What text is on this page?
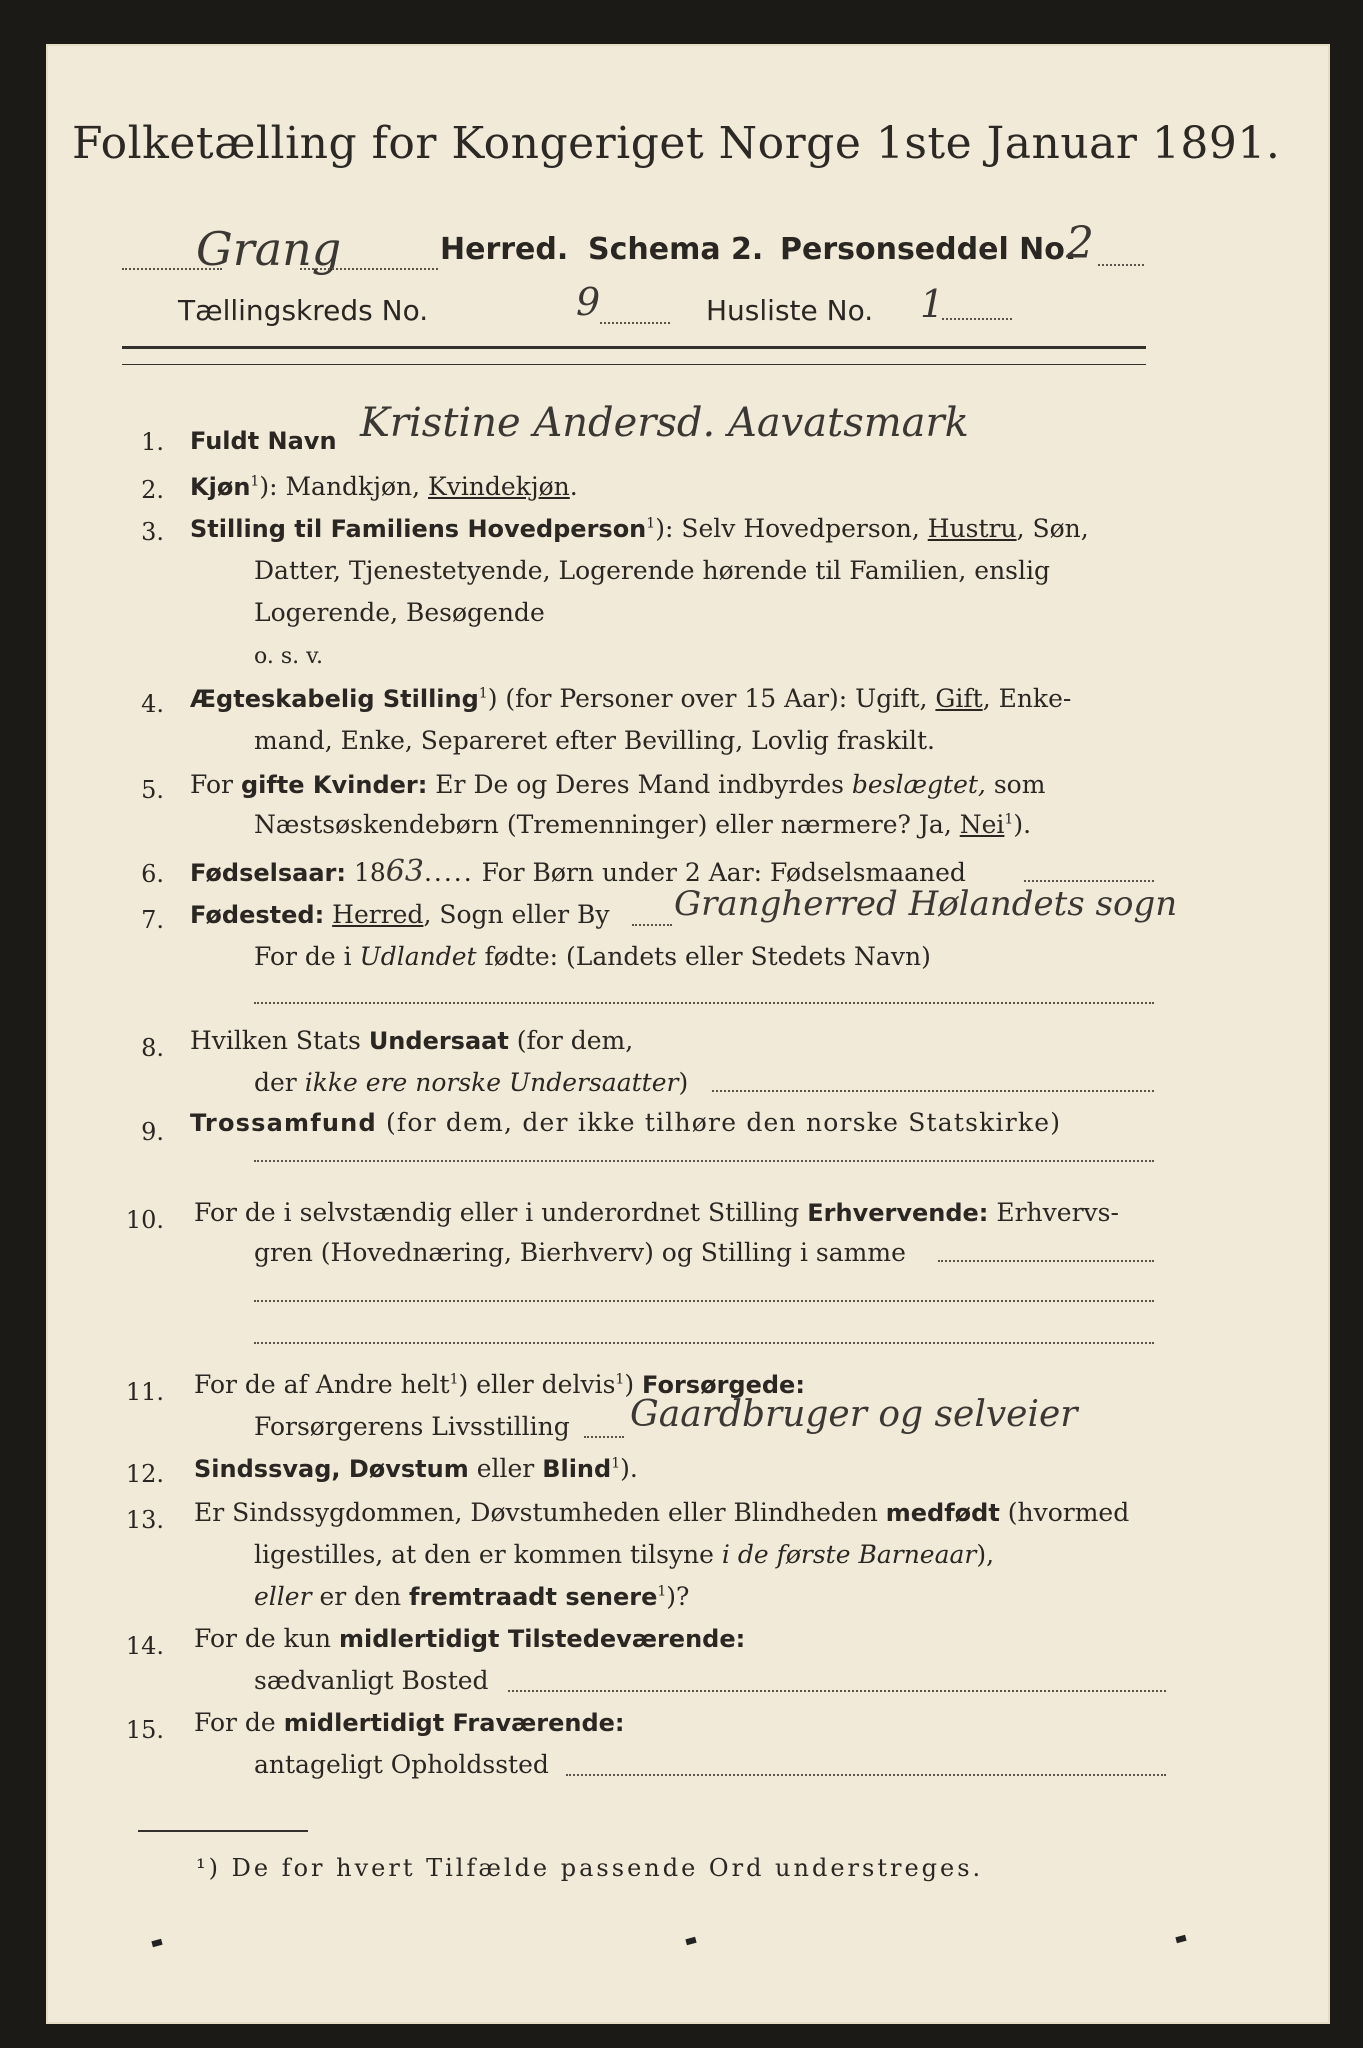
Folketælling for Kongeriget Norge 1ste Januar 1891.
Grang	Herred. Schema 2. Personseddel No.
2
Tællingskreds No.	9	Husliste No. 1
1. Fuldt Navn Kristine Andersd. Aavatsmark
2. Kjøn$^1$): Mandkjøn, Kvindekjøn.
3. Stilling til Familiens Hovedperson$^1$): Selv Hovedperson, Hustru, Søn,
Datter, Tjenestetyende, Logerende hørende til Familien, enslig
Logerende, Besøgende
o. s. v.
4. Ægteskabelig Stilling$^1$) (for Personer over 15 Aar): Ugift, Gift, Enke-
mand, Enke, Separeret efter Bevilling, Lovlig fraskilt.
5. For gifte Kvinder: Er De og Deres Mand indbyrdes beslægtet, som
Næstsøskendebørn (Tremenninger) eller nærmere? Ja, Nei$^1$).
6. Fødselsaar: 1863..... For Børn under 2 Aar: Fødselsmaaned
7. Fødested: Herred, Sogn eller By Grangherred Hølandets sogn
For de i Udlandet fødte: (Landets eller Stedets Navn)
8. Hvilken Stats Undersaat (for dem,
der ikke ere norske Undersaatter)
9. Trossamfund (for dem, der ikke tilhøre den norske Statskirke)
10. For de i selvstændig eller i underordnet Stilling Erhvervende: Erhvervs-
gren (Hovednæring, Bierhverv) og Stilling i samme
11. For de af Andre helt$^1$) eller delvis$^1$) Forsørgede:
Forsørgerens Livsstilling Gaardbruger og selveier
12. Sindssvag, Døvstum eller Blind$^1$).
13. Er Sindssygdommen, Døvstumheden eller Blindheden medfødt (hvormed
ligestilles, at den er kommen tilsyne i de første Barneaar),
eller er den fremtraadt senere$^1$)?
14. For de kun midlertidigt Tilstedeværende:
sædvanligt Bosted
15. For de midlertidigt Fraværende:
antageligt Opholdssted
¹) De for hvert Tilfælde passende Ord understreges.
